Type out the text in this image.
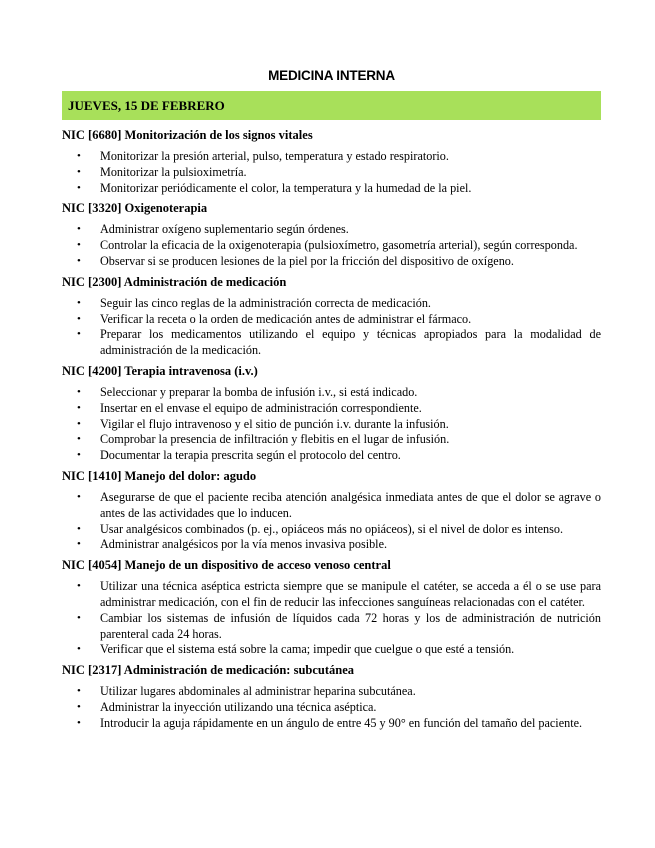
MEDICINA INTERNA
JUEVES, 15 DE FEBRERO
NIC [6680] Monitorización de los signos vitales
• Monitorizar la presión arterial, pulso, temperatura y estado respiratorio.
• Monitorizar la pulsioximetría.
• Monitorizar periódicamente el color, la temperatura y la humedad de la piel.
NIC [3320] Oxigenoterapia
• Administrar oxígeno suplementario según órdenes.
• Controlar la eficacia de la oxigenoterapia (pulsioxímetro, gasometría arterial), según corresponda.
• Observar si se producen lesiones de la piel por la fricción del dispositivo de oxígeno.
NIC [2300] Administración de medicación
• Seguir las cinco reglas de la administración correcta de medicación.
• Verificar la receta o la orden de medicación antes de administrar el fármaco.
• Preparar los medicamentos utilizando el equipo y técnicas apropiados para la modalidad de administración de la medicación.
NIC [4200] Terapia intravenosa (i.v.)
• Seleccionar y preparar la bomba de infusión i.v., si está indicado.
• Insertar en el envase el equipo de administración correspondiente.
• Vigilar el flujo intravenoso y el sitio de punción i.v. durante la infusión.
• Comprobar la presencia de infiltración y flebitis en el lugar de infusión.
• Documentar la terapia prescrita según el protocolo del centro.
NIC [1410] Manejo del dolor: agudo
• Asegurarse de que el paciente reciba atención analgésica inmediata antes de que el dolor se agrave o antes de las actividades que lo inducen.
• Usar analgésicos combinados (p. ej., opiáceos más no opiáceos), si el nivel de dolor es intenso.
• Administrar analgésicos por la vía menos invasiva posible.
NIC [4054] Manejo de un dispositivo de acceso venoso central
• Utilizar una técnica aséptica estricta siempre que se manipule el catéter, se acceda a él o se use para administrar medicación, con el fin de reducir las infecciones sanguíneas relacionadas con el catéter.
• Cambiar los sistemas de infusión de líquidos cada 72 horas y los de administración de nutrición parenteral cada 24 horas.
• Verificar que el sistema está sobre la cama; impedir que cuelgue o que esté a tensión.
NIC [2317] Administración de medicación: subcutánea
• Utilizar lugares abdominales al administrar heparina subcutánea.
• Administrar la inyección utilizando una técnica aséptica.
• Introducir la aguja rápidamente en un ángulo de entre 45 y 90° en función del tamaño del paciente.
